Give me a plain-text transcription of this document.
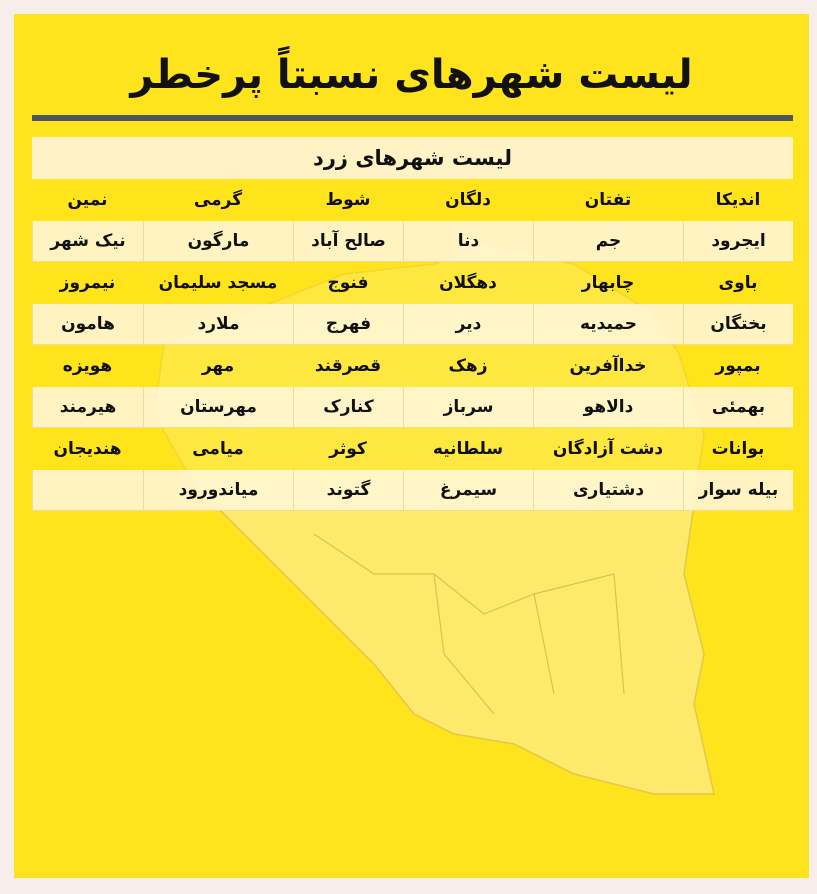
لیست شهرهای نسبتاً پرخطر
لیست شهرهای زرد
اندیکا
تفتان
دلگان
شوط
گرمی
نمین
ایجرود
جم
دنا
صالح آباد
مارگون
نیک شهر
باوی
چابهار
دهگلان
فنوج
مسجد سلیمان
نیمروز
بختگان
حمیدیه
دیر
فهرج
ملارد
هامون
بمپور
خداآفرین
زهک
قصرقند
مهر
هویزه
بهمئی
دالاهو
سرباز
کنارک
مهرستان
هیرمند
بوانات
دشت آزادگان
سلطانیه
کوثر
میامی
هندیجان
بیله سوار
دشتیاری
سیمرغ
گتوند
میاندورود
